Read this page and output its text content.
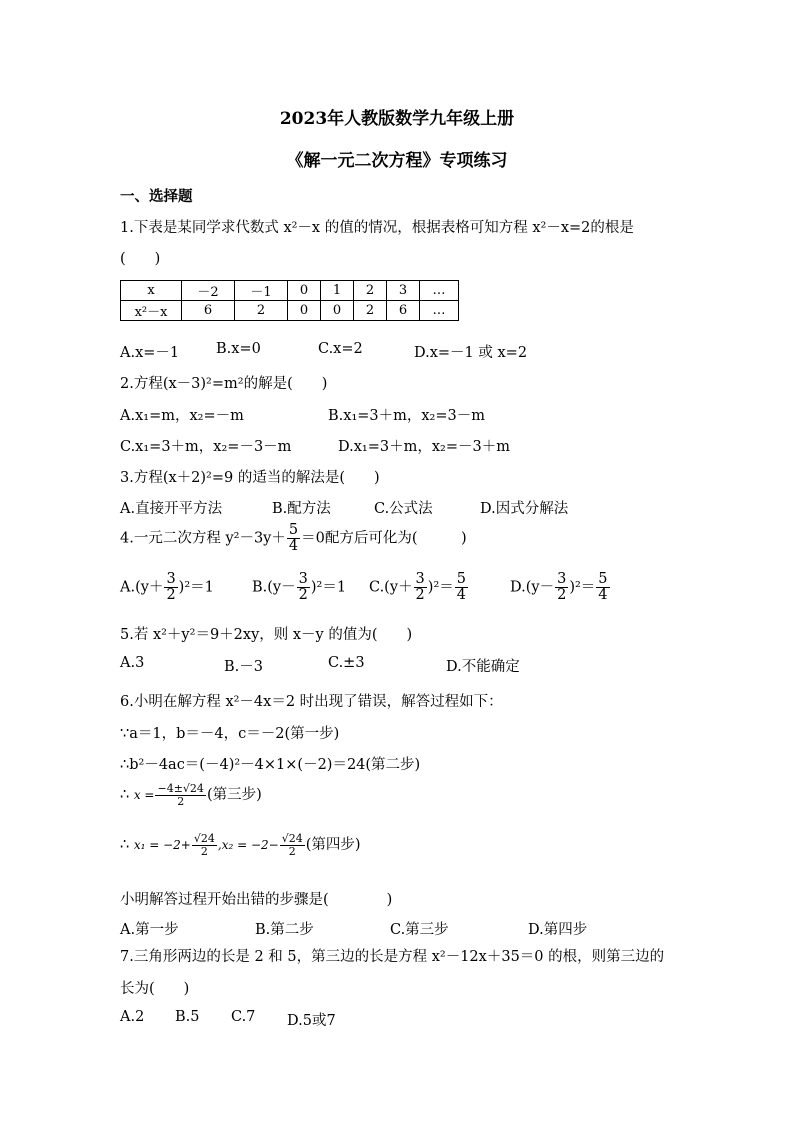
2023年人教版数学九年级上册
《解一元二次方程》专项练习
一、选择题
1.下表是某同学求代数式 x²－x 的值的情况，根据表格可知方程 x²－x=2的根是
(　　)
x	－2	－1	0	1	2	3	…
x²－x	6	2	0	0	2	6	…
A.x=－1	B.x=0	C.x=2	D.x=－1 或 x=2
2.方程(x－3)²=m²的解是(　　)
A.x₁=m，x₂=－m	B.x₁=3＋m，x₂=3－m
C.x₁=3＋m，x₂=－3－m	D.x₁=3＋m，x₂=－3＋m
3.方程(x＋2)²=9 的适当的解法是(　　)
A.直接开平方法	B.配方法	C.公式法	D.因式分解法
4.一元二次方程 $y^2-3y+ \frac{5}{4} =0$配方后可化为(　　　)
$A.(y+ \frac{3}{2} )^2=1$	$B.(y- \frac{3}{2} )^2=1$ $C.(y+ \frac{3}{2} )^2= \frac{5}{4}$	$D.(y- \frac{3}{2} )^2= \frac{5}{4}$
5.若 x²＋y²＝9＋2xy，则 x－y 的值为(　　)
A.3	B.－3	C.±3	D.不能确定
6.小明在解方程 x²－4x＝2 时出现了错误，解答过程如下：
∵a＝1，b＝－4，c＝－2(第一步)
∴b²－4ac＝(－4)²－4×1×(－2)＝24(第二步)
∴ $x = \frac{-4\pm√24}{2}$ (第三步)
∴ $x_1 = -2+ \frac{√24}{2} ,x_2 = -2- \frac{√24}{2}$ (第四步)
小明解答过程开始出错的步骤是(　　　　)
A.第一步	B.第二步	C.第三步	D.第四步
7.三角形两边的长是 2 和 5，第三边的长是方程 x²－12x＋35＝0 的根，则第三边的
长为(　　)
A.2 B.5 C.7 D.5或7
